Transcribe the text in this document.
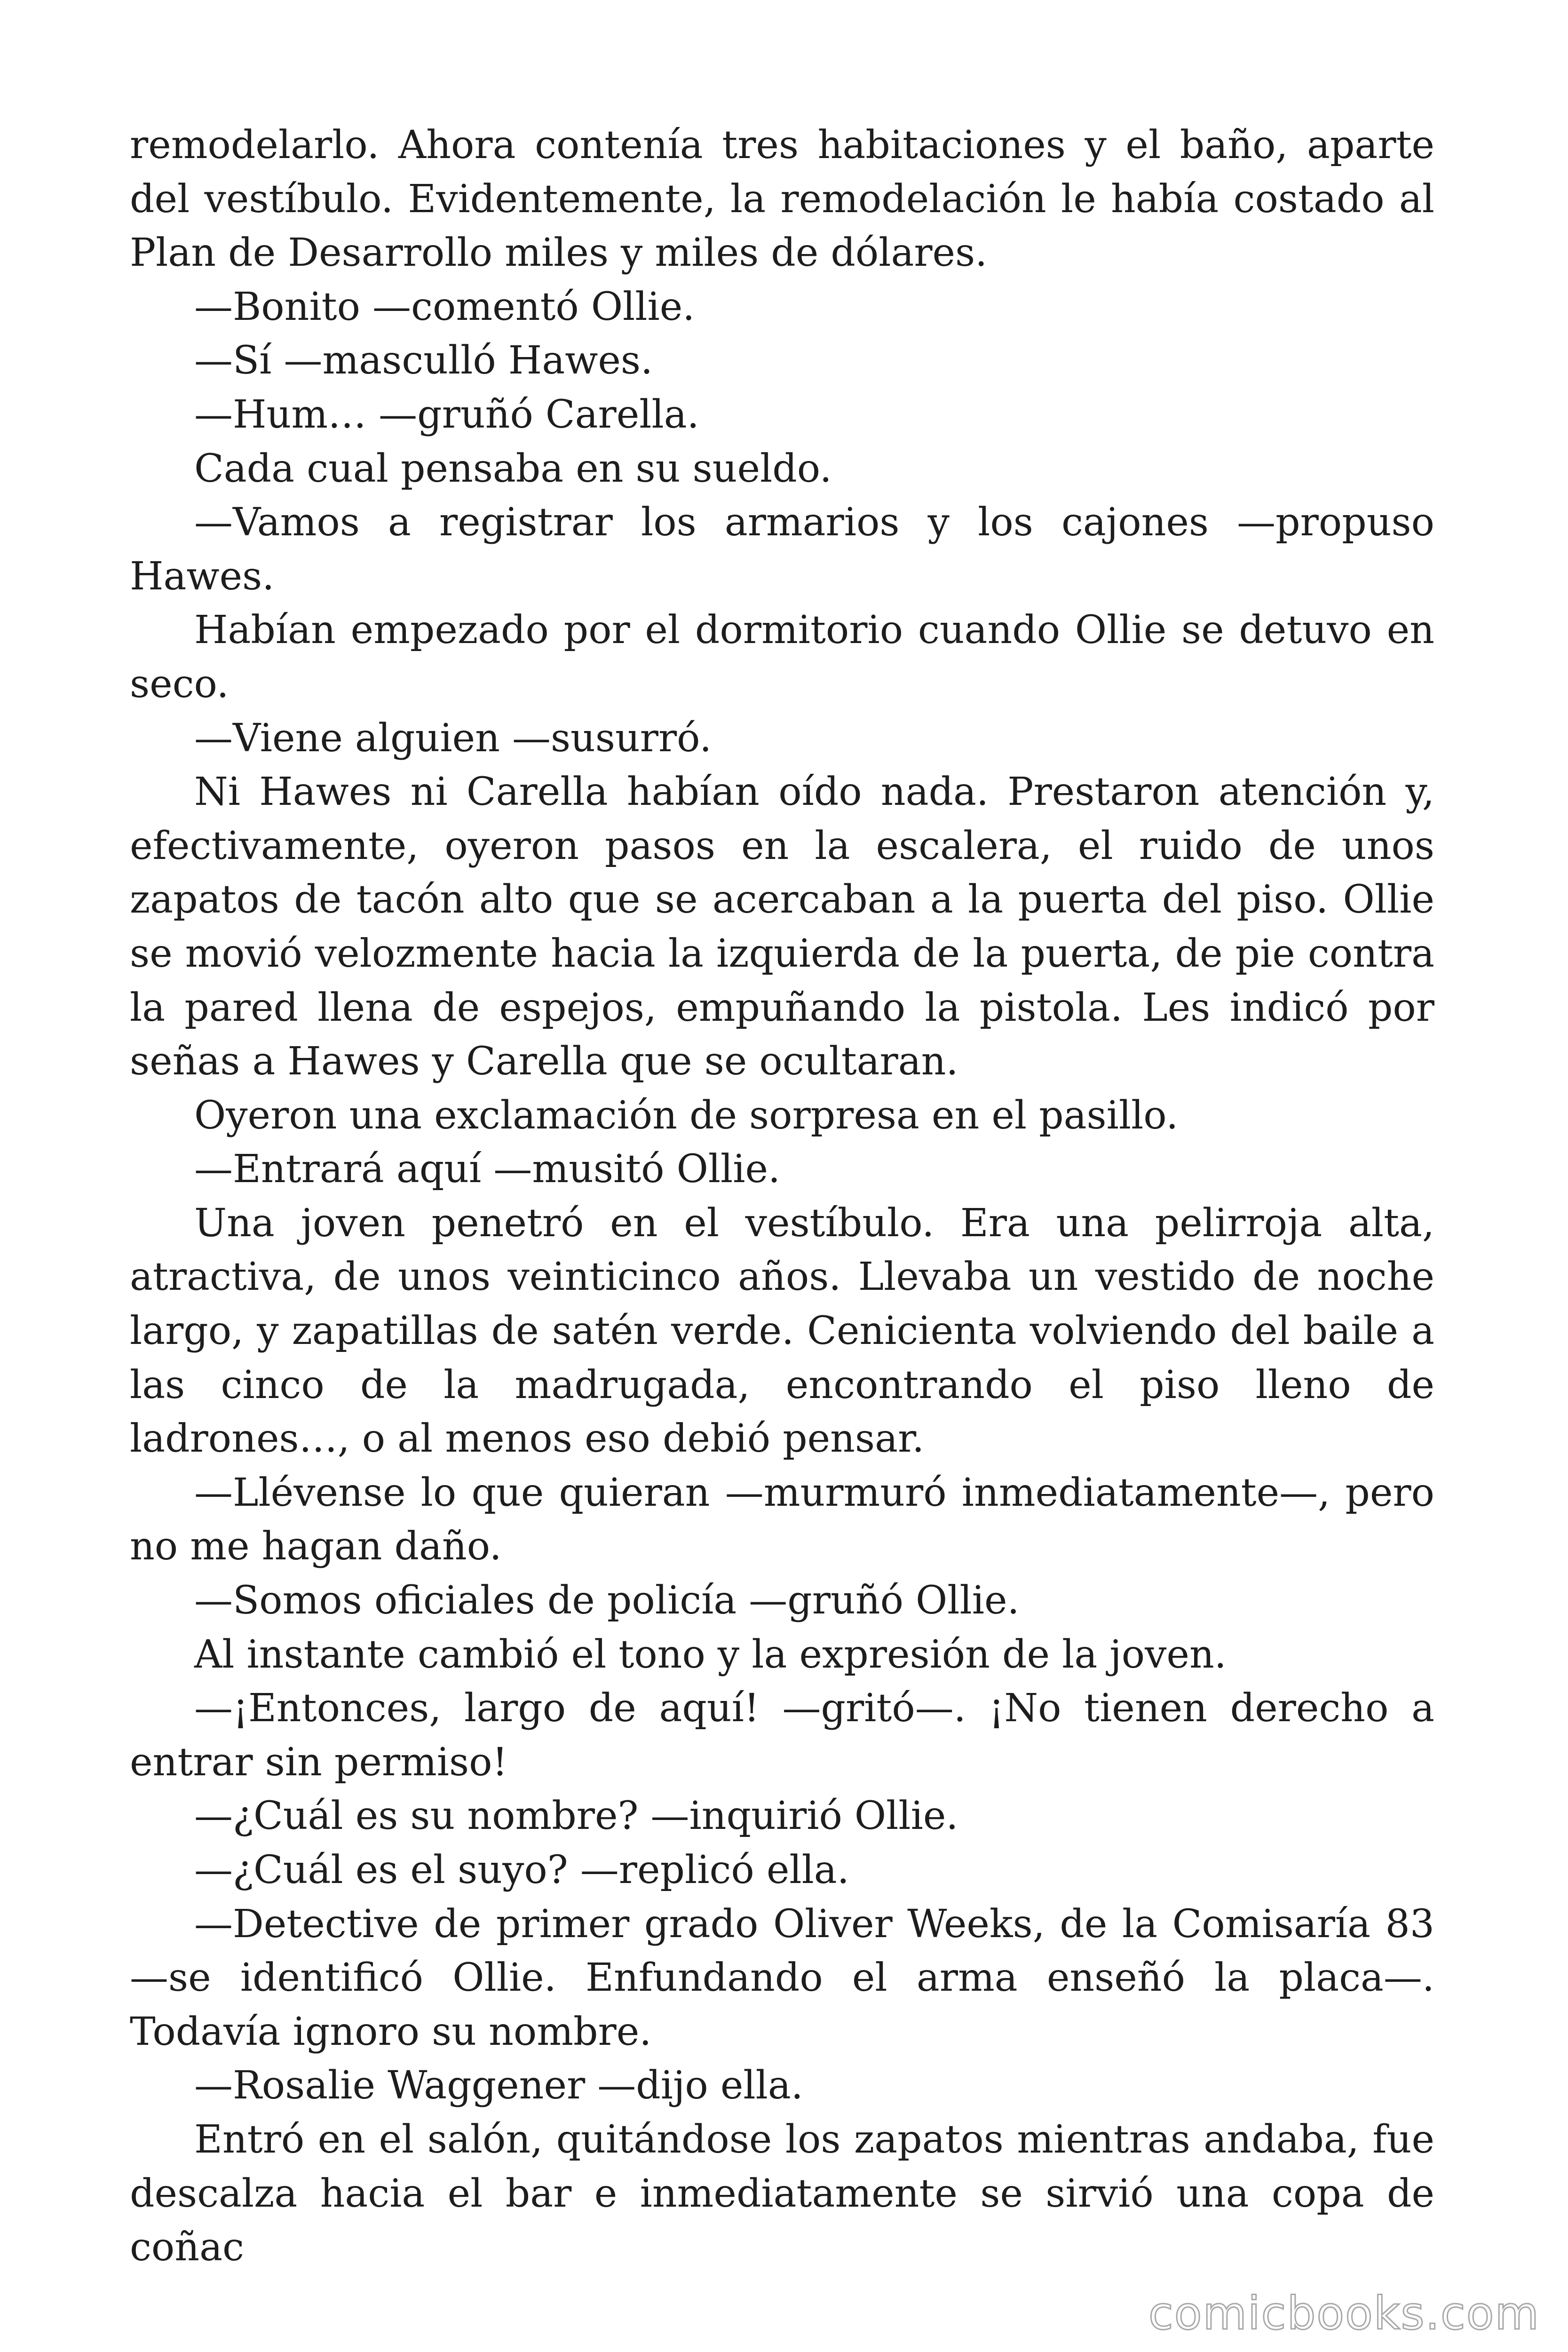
remodelarlo. Ahora contenía tres habitaciones y el baño, aparte del vestíbulo. Evidentemente, la remodelación le había costado al Plan de Desarrollo miles y miles de dólares.

—Bonito —comentó Ollie.

—Sí —masculló Hawes.

—Hum… —gruñó Carella.

Cada cual pensaba en su sueldo.

—Vamos a registrar los armarios y los cajones —propuso Hawes.

Habían empezado por el dormitorio cuando Ollie se detuvo en seco.

—Viene alguien —susurró.

Ni Hawes ni Carella habían oído nada. Prestaron atención y, efectivamente, oyeron pasos en la escalera, el ruido de unos zapatos de tacón alto que se acercaban a la puerta del piso. Ollie se movió velozmente hacia la izquierda de la puerta, de pie contra la pared llena de espejos, empuñando la pistola. Les indicó por señas a Hawes y Carella que se ocultaran.

Oyeron una exclamación de sorpresa en el pasillo.

—Entrará aquí —musitó Ollie.

Una joven penetró en el vestíbulo. Era una pelirroja alta, atractiva, de unos veinticinco años. Llevaba un vestido de noche largo, y zapatillas de satén verde. Cenicienta volviendo del baile a las cinco de la madrugada, encontrando el piso lleno de ladrones…, o al menos eso debió pensar.

—Llévense lo que quieran —murmuró inmediatamente—, pero no me hagan daño.

—Somos oficiales de policía —gruñó Ollie.

Al instante cambió el tono y la expresión de la joven.

—¡Entonces, largo de aquí! —gritó—. ¡No tienen derecho a entrar sin permiso!

—¿Cuál es su nombre? —inquirió Ollie.

—¿Cuál es el suyo? —replicó ella.

—Detective de primer grado Oliver Weeks, de la Comisaría 83 —se identificó Ollie. Enfundando el arma enseñó la placa—. Todavía ignoro su nombre.

—Rosalie Waggener —dijo ella.

Entró en el salón, quitándose los zapatos mientras andaba, fue descalza hacia el bar e inmediatamente se sirvió una copa de coñac

comicbooks.com
